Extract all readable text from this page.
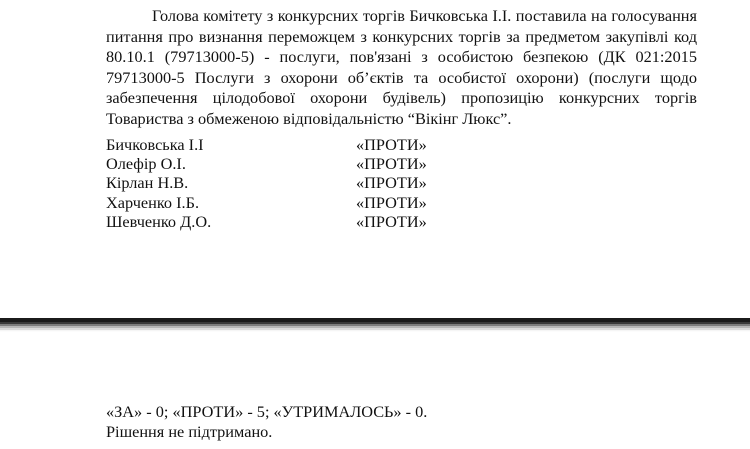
Голова комітету з конкурсних торгів Бичковська І.І. поставила на голосування питання про визнання переможцем з конкурсних торгів за предметом закупівлі код 80.10.1 (79713000-5) - послуги, пов'язані з особистою безпекою (ДК 021:2015 79713000-5 Послуги з охорони об’єктів та особистої охорони) (послуги щодо забезпечення цілодобової охорони будівель) пропозицію конкурсних торгів Товариства з обмеженою відповідальністю “Вікінг Люкс”.

Бичковська І.І	«ПРОТИ»
Олефір О.І.	«ПРОТИ»
Кірлан Н.В.	«ПРОТИ»
Харченко І.Б.	«ПРОТИ»
Шевченко Д.О.	«ПРОТИ»
«ЗА» - 0; «ПРОТИ» - 5; «УТРИМАЛОСЬ» - 0.
Рішення не підтримано.
